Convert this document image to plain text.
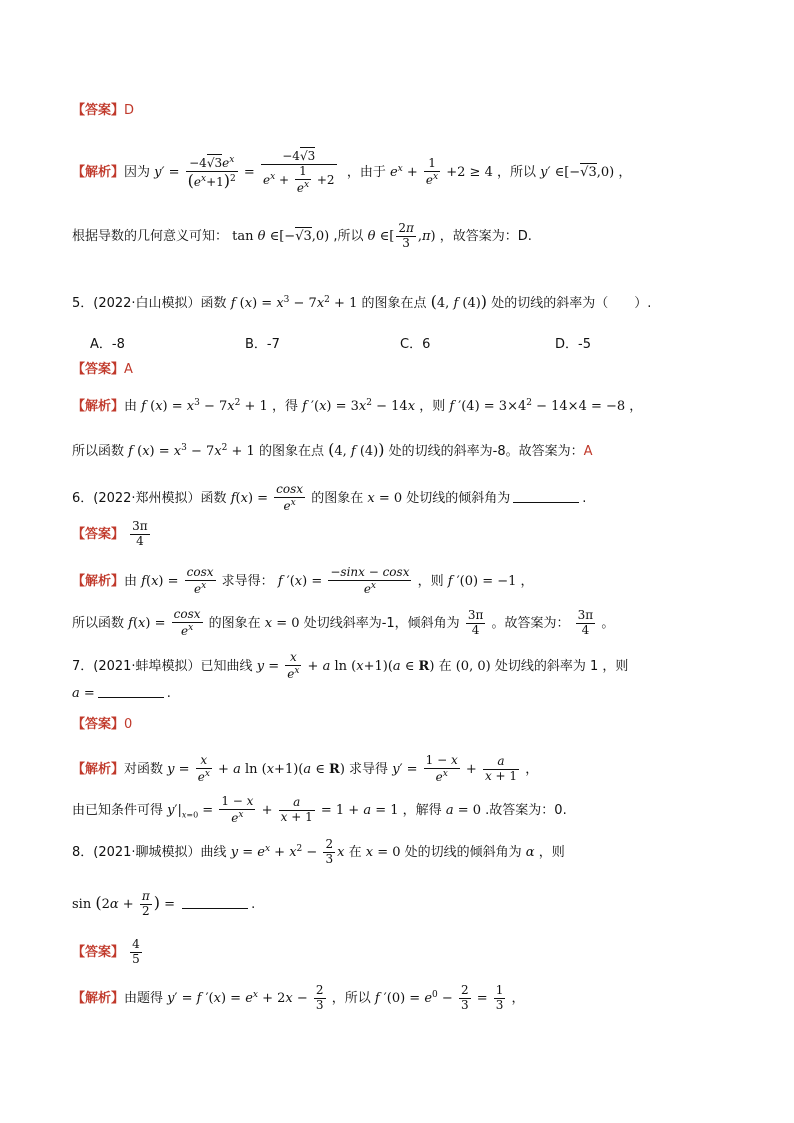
【答案】D
【解析】因为 $y' = \frac{-4√3e^x}{(e^x+1)^2} = \frac{-4√3}{e^x + \frac{1}{e^x} +2}$ ，由于 $e^x + \frac{1}{e^x} +2 \ge 4$ ，所以 y′ ∈[−√3,0) ，
根据导数的几何意义可知： tan θ ∈[−√3,0) ,所以 θ ∈[ $\frac{2\pi}{3} ,\pi$) ，故答案为：D.
5．(2022·白山模拟）函数 f $(x) = x^3 - 7x^2 + 1$ 的图象在点 (4, f (4)) 处的切线的斜率为（　　）.
A．-8	B．-7	C．6	D．-5
【答案】A
【解析】由 f $(x) = x^3 - 7x^2 + 1$ ，得 f $'(x) = 3x^2 - 14x$ ，则 f $'(4) = 3\times 4^2 - 14\times 4 = -8$ ，
所以函数 f $(x) = x^3 - 7x^2 + 1$ 的图象在点 (4, f (4)) 处的切线的斜率为-8。故答案为：A
6．(2022·郑州模拟）函数 $f(x) = \frac{\cos x}{e^x}$ 的图象在 x = 0 处切线的倾斜角为	.
【答案】 $\frac{3\pi}{4}$
【解析】由 $f(x) = \frac{\cos x}{e^x}$ 求导得： f $'(x) = \frac{-\sin x - \cos x}{e^x}$ ，则 f ′(0) = −1 ，
所以函数 $f(x) = \frac{\cos x}{e^x}$ 的图象在 x = 0 处切线斜率为-1，倾斜角为 $\frac{3\pi}{4}$ 。故答案为： $\frac{3\pi}{4}$ 。
7．(2021·蚌埠模拟）已知曲线 $y = \frac{x}{e^x} + a$ ln (x+1)(a ∈ R) 在 (0, 0) 处切线的斜率为 1 ，则
a =	.
【答案】0
【解析】对函数 $y = \frac{x}{e^x} + a$ ln (x+1)(a ∈ R) 求导得 $y' = \frac{1 - x}{e^x} + \frac{a}{x + 1}$ ，
由已知条件可得 $y'|_{x=0} = \frac{1 - x}{e^x} + \frac{a}{x + 1} = 1 + a = 1$ ，解得 a = 0 .故答案为：0.
8．(2021·聊城模拟）曲线 $y = e^x + x^2 - \frac{2}{3}$ x 在 x = 0 处的切线的倾斜角为 α ，则
$\sin (2\alpha + \frac{\pi}{2}$ ) =	.
【答案】 $\frac{4}{5}$
【解析】由题得 y′ = f $'(x) = e^x + 2x - \frac{2}{3}$ ，所以 f $'(0) = e^0 - \frac{2}{3} = \frac{1}{3}$ ，
